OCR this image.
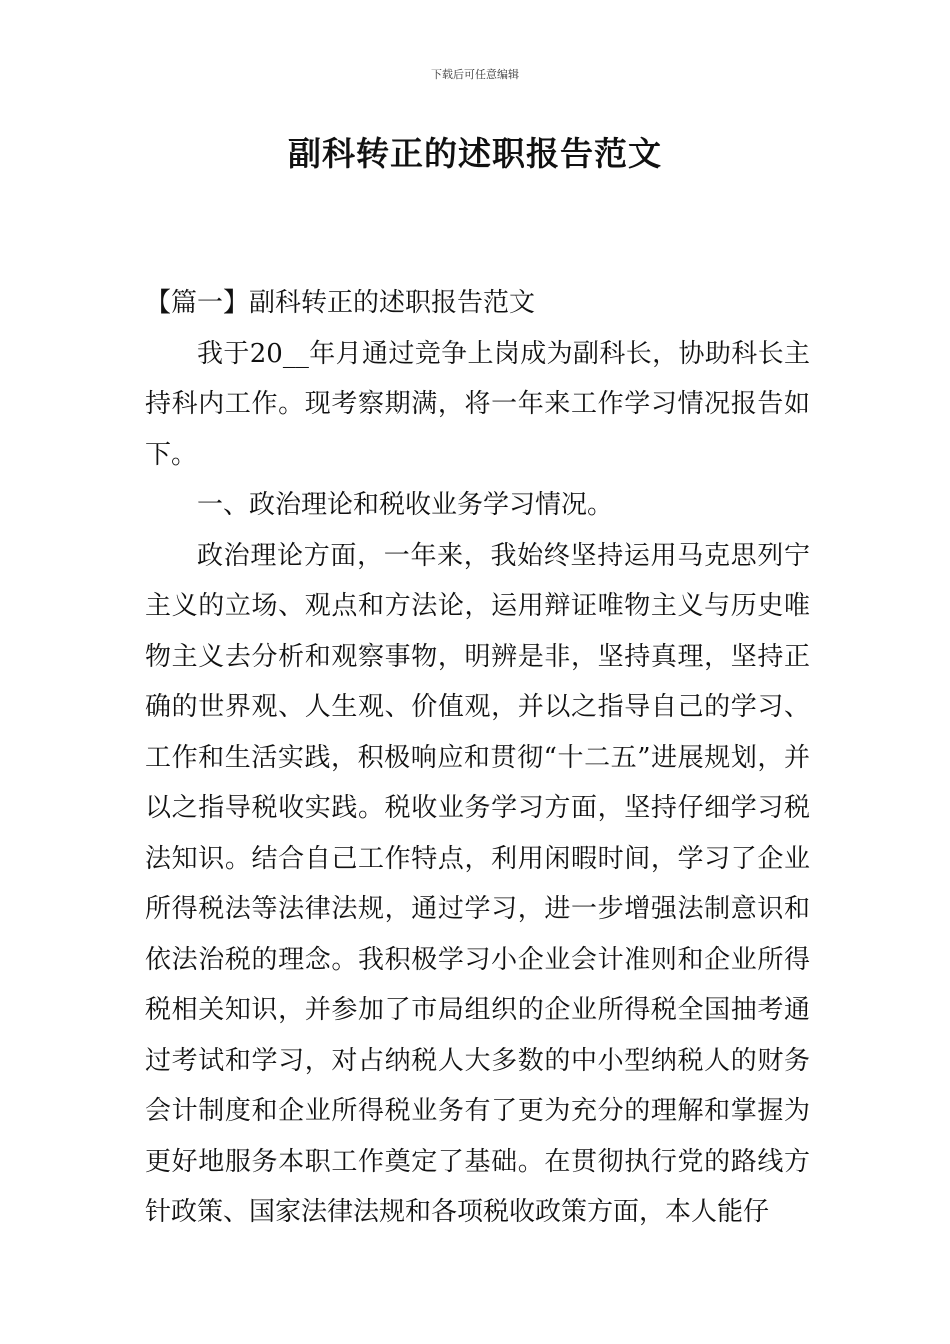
下载后可任意编辑
副科转正的述职报告范文

【篇一】副科转正的述职报告范文

我于20__年月通过竞争上岗成为副科长，协助科长主持科内工作。现考察期满，将一年来工作学习情况报告如下。

一、政治理论和税收业务学习情况。

政治理论方面，一年来，我始终坚持运用马克思列宁主义的立场、观点和方法论，运用辩证唯物主义与历史唯物主义去分析和观察事物，明辨是非，坚持真理，坚持正确的世界观、人生观、价值观，并以之指导自己的学习、工作和生活实践，积极响应和贯彻“十二五”进展规划，并以之指导税收实践。税收业务学习方面，坚持仔细学习税法知识。结合自己工作特点，利用闲暇时间，学习了企业所得税法等法律法规，通过学习，进一步增强法制意识和依法治税的理念。我积极学习小企业会计准则和企业所得税相关知识，并参加了市局组织的企业所得税全国抽考通过考试和学习，对占纳税人大多数的中小型纳税人的财务会计制度和企业所得税业务有了更为充分的理解和掌握为更好地服务本职工作奠定了基础。在贯彻执行党的路线方针政策、国家法律法规和各项税收政策方面，本人能仔
